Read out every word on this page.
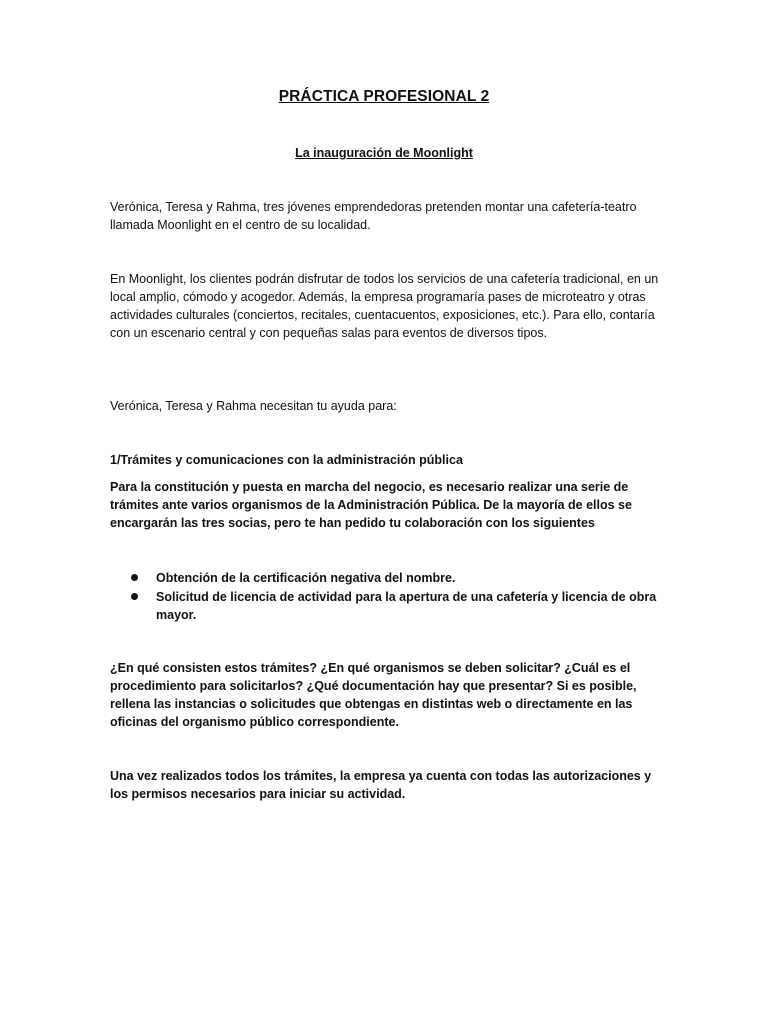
PRÁCTICA PROFESIONAL 2
La inauguración de Moonlight

Verónica, Teresa y Rahma, tres jóvenes emprendedoras pretenden montar una cafetería-teatro llamada Moonlight en el centro de su localidad.

En Moonlight, los clientes podrán disfrutar de todos los servicios de una cafetería tradicional, en un local amplio, cómodo y acogedor. Además, la empresa programaría pases de microteatro y otras actividades culturales (conciertos, recitales, cuentacuentos, exposiciones, etc.). Para ello, contaría con un escenario central y con pequeñas salas para eventos de diversos tipos.

Verónica, Teresa y Rahma necesitan tu ayuda para:

1/Trámites y comunicaciones con la administración pública

Para la constitución y puesta en marcha del negocio, es necesario realizar una serie de trámites ante varios organismos de la Administración Pública. De la mayoría de ellos se encargarán las tres socias, pero te han pedido tu colaboración con los siguientes

Obtención de la certificación negativa del nombre.
Solicitud de licencia de actividad para la apertura de una cafetería y licencia de obra mayor.

¿En qué consisten estos trámites? ¿En qué organismos se deben solicitar? ¿Cuál es el procedimiento para solicitarlos? ¿Qué documentación hay que presentar? Si es posible, rellena las instancias o solicitudes que obtengas en distintas web o directamente en las oficinas del organismo público correspondiente.

Una vez realizados todos los trámites, la empresa ya cuenta con todas las autorizaciones y los permisos necesarios para iniciar su actividad.
